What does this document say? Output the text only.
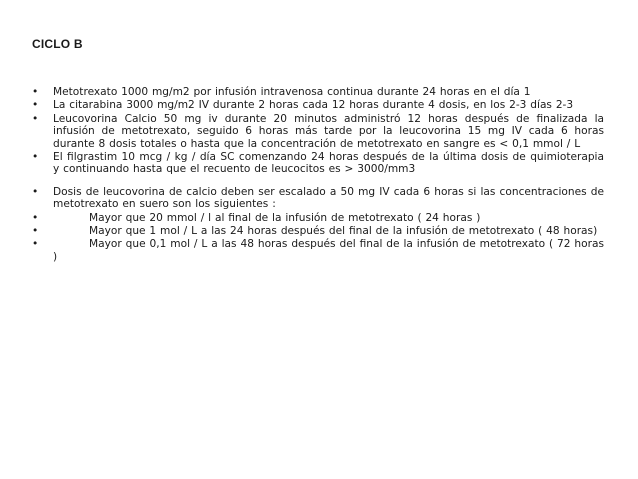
CICLO B
• Metotrexato 1000 mg/m2 por infusión intravenosa continua durante 24 horas en el día 1
• La citarabina 3000 mg/m2 IV durante 2 horas cada 12 horas durante 4 dosis, en los 2-3 días 2-3
• Leucovorina Calcio 50 mg iv durante 20 minutos administró 12 horas después de finalizada la infusión de metotrexato, seguido 6 horas más tarde por la leucovorina 15 mg IV cada 6 horas durante 8 dosis totales o hasta que la concentración de metotrexato en sangre es < 0,1 mmol / L
• El filgrastim 10 mcg / kg / día SC comenzando 24 horas después de la última dosis de quimioterapia y continuando hasta que el recuento de leucocitos es > 3000/mm3
• Dosis de leucovorina de calcio deben ser escalado a 50 mg IV cada 6 horas si las concentraciones de metotrexato en suero son los siguientes :
•	Mayor que 20 mmol / l al final de la infusión de metotrexato ( 24 horas )
•	Mayor que 1 mol / L a las 24 horas después del final de la infusión de metotrexato ( 48 horas)
•	Mayor que 0,1 mol / L a las 48 horas después del final de la infusión de metotrexato ( 72 horas )
